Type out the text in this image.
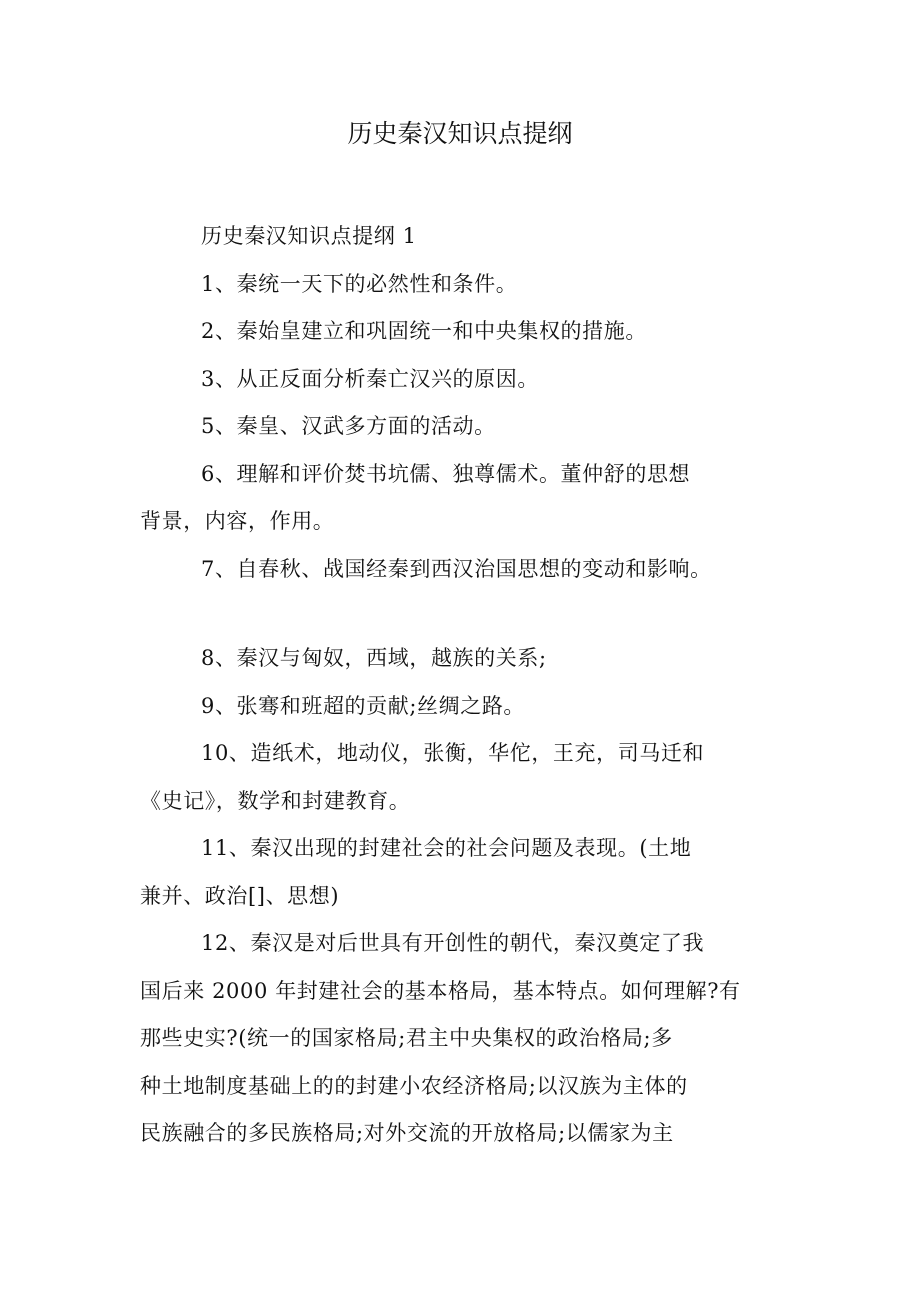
历史秦汉知识点提纲

历史秦汉知识点提纲 1

1、秦统一天下的必然性和条件。

2、秦始皇建立和巩固统一和中央集权的措施。

3、从正反面分析秦亡汉兴的原因。

5、秦皇、汉武多方面的活动。

6、理解和评价焚书坑儒、独尊儒术。董仲舒的思想
背景，内容，作用。

7、自春秋、战国经秦到西汉治国思想的变动和影响。

8、秦汉与匈奴，西域，越族的关系;

9、张骞和班超的贡献;丝绸之路。

10、造纸术，地动仪，张衡，华佗，王充，司马迁和
《史记》，数学和封建教育。

11、秦汉出现的封建社会的社会问题及表现。(土地
兼并、政治[]、思想)

12、秦汉是对后世具有开创性的朝代，秦汉奠定了我
国后来 2000 年封建社会的基本格局，基本特点。如何理解?有
那些史实?(统一的国家格局;君主中央集权的政治格局;多
种土地制度基础上的的封建小农经济格局;以汉族为主体的
民族融合的多民族格局;对外交流的开放格局;以儒家为主
